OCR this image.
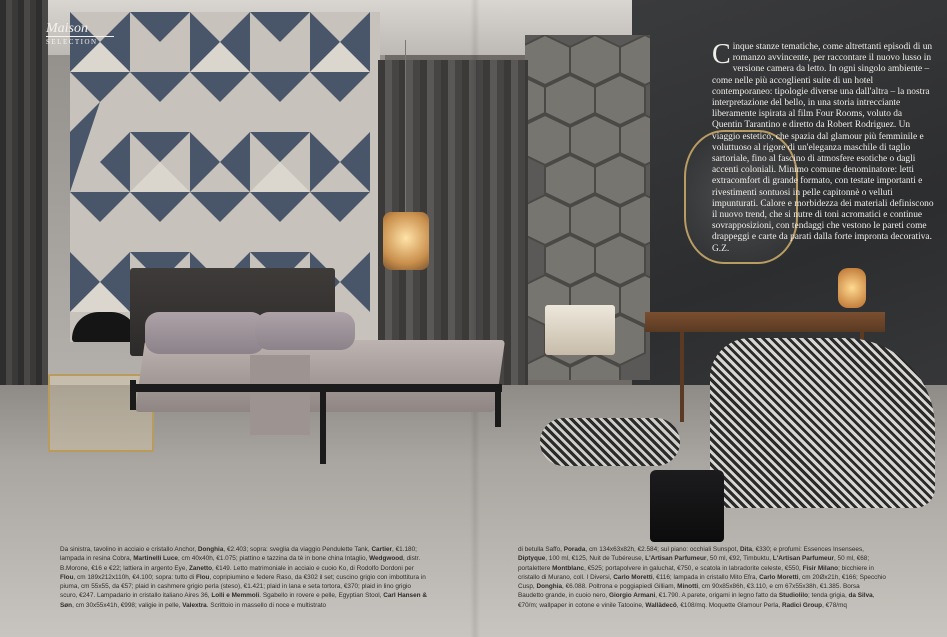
Maison
SELECTION	Cinque stanze tematiche, come altrettanti episodi di un romanzo avvincente, per raccontare il nuovo lusso in versione camera da letto. In ogni singolo ambiente – come nelle più accoglienti suite di un hotel contemporaneo: tipologie diverse una dall'altra – la nostra interpretazione del bello, in una storia intrecciante liberamente ispirata al film Four Rooms, voluto da Quentin Tarantino e diretto da Robert Rodriguez. Un viaggio estetico, che spazia dal glamour più femminile e voluttuoso al rigore di un'eleganza maschile di taglio sartoriale, fino al fascino di atmosfere esotiche o dagli accenti coloniali. Minimo comune denominatore: letti extracomfort di grande formato, con testate importanti e rivestimenti sontuosi in pelle capitonnè o velluti impunturati. Calore e morbidezza dei materiali definiscono il nuovo trend, che si nutre di toni acromatici e continue sovrapposizioni, con tendaggi che vestono le pareti come drappeggi e carte da parati dalla forte impronta decorativa. G.Z.
Da sinistra, tavolino in acciaio e cristallo Anchor, Donghia, €2.403; sopra: sveglia da viaggio Pendulette Tank, Cartier, €1.180; lampada in resina Cobra, Martinelli Luce, cm 40x40h, €1.075; piattino e tazzina da tè in bone china Intaglio, Wedgwood, distr. B.Morone, €16 e €22; lattiera in argento Eye, Zanetto, €149. Letto matrimoniale in acciaio e cuoio Ko, di Rodolfo Dordoni per Flou, cm 189x212x110h, €4.100; sopra: tutto di Flou, copripiumino e federe Raso, da €302 il set; cuscino grigio con imbottitura in piuma, cm 55x55, da €57; plaid in cashmere grigio perla (steso), €1.421; plaid in lana e seta tortora, €370; plaid in lino grigio scuro, €247. Lampadario in cristallo italiano Aires 36, Lolli e Memmoli. Sgabello in rovere e pelle, Egyptian Stool, Carl Hansen & Søn, cm 30x55x41h, €998; valigie in pelle, Valextra. Scrittoio in massello di noce e multistrato
di betulla Saffo, Porada, cm 134x63x82h, €2.584; sul piano: occhiali Sunspot, Dita, €330; e profumi: Essences Insensees, Diptyque, 100 ml, €125, Nuit de Tubéreuse, L'Artisan Parfumeur, 50 ml, €92, Timbuktu, L'Artisan Parfumeur, 50 ml, €68; portalettere Montblanc, €525; portapolvere in galuchat, €750, e scatola in labradorite celeste, €550, Fisir Milano; bicchiere in cristallo di Murano, coll. I Diversi, Carlo Moretti, €116; lampada in cristallo Mito Efra, Carlo Moretti, cm 20Øx21h, €166; Specchio Cusp, Donghia, €6.088. Poltrona e poggiapiedi Gilliam, Minotti, cm 90x85x86h, €3.110, e cm 67x55x38h, €1.385. Borsa Baudetto grande, in cuoio nero, Giorgio Armani, €1.790. A parete, origami in legno fatto da Studiolilo; tenda grigia, da Silva, €70/m; wallpaper in cotone e vinile Tatooine, Wallädecö, €108/mq. Moquette Glamour Perla, Radici Group, €78/mq
